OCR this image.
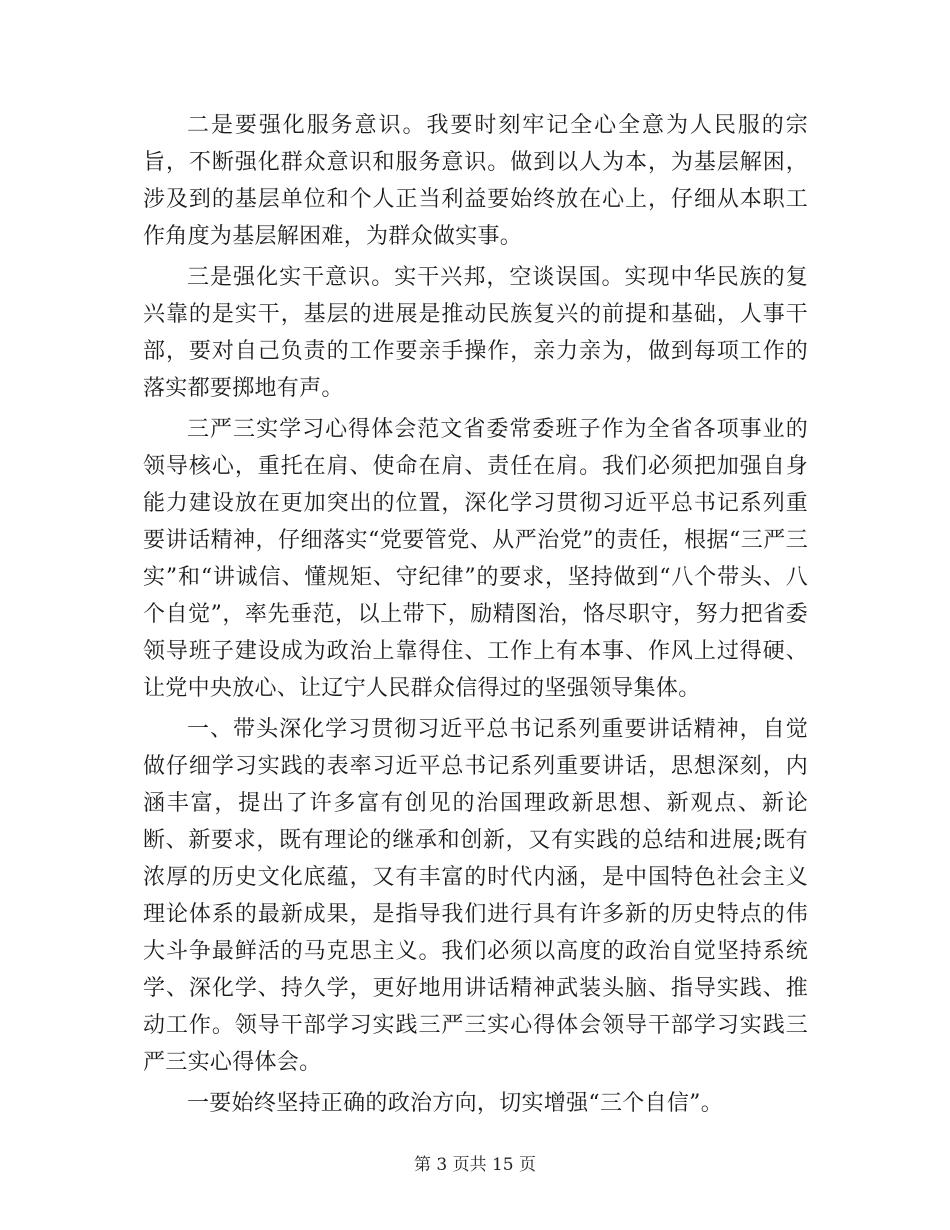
二是要强化服务意识。我要时刻牢记全心全意为人民服的宗旨，不断强化群众意识和服务意识。做到以人为本，为基层解困，涉及到的基层单位和个人正当利益要始终放在心上，仔细从本职工作角度为基层解困难，为群众做实事。

三是强化实干意识。实干兴邦，空谈误国。实现中华民族的复兴靠的是实干，基层的进展是推动民族复兴的前提和基础，人事干部，要对自己负责的工作要亲手操作，亲力亲为，做到每项工作的落实都要掷地有声。

三严三实学习心得体会范文省委常委班子作为全省各项事业的领导核心，重托在肩、使命在肩、责任在肩。我们必须把加强自身能力建设放在更加突出的位置，深化学习贯彻习近平总书记系列重要讲话精神，仔细落实“党要管党、从严治党”的责任，根据“三严三实”和“讲诚信、懂规矩、守纪律”的要求，坚持做到“八个带头、八个自觉”，率先垂范，以上带下，励精图治，恪尽职守，努力把省委领导班子建设成为政治上靠得住、工作上有本事、作风上过得硬、让党中央放心、让辽宁人民群众信得过的坚强领导集体。

一、带头深化学习贯彻习近平总书记系列重要讲话精神，自觉做仔细学习实践的表率习近平总书记系列重要讲话，思想深刻，内涵丰富，提出了许多富有创见的治国理政新思想、新观点、新论断、新要求，既有理论的继承和创新，又有实践的总结和进展;既有浓厚的历史文化底蕴，又有丰富的时代内涵，是中国特色社会主义理论体系的最新成果，是指导我们进行具有许多新的历史特点的伟大斗争最鲜活的马克思主义。我们必须以高度的政治自觉坚持系统学、深化学、持久学，更好地用讲话精神武装头脑、指导实践、推动工作。领导干部学习实践三严三实心得体会领导干部学习实践三严三实心得体会。

一要始终坚持正确的政治方向，切实增强“三个自信”。

第 3 页共 15 页
